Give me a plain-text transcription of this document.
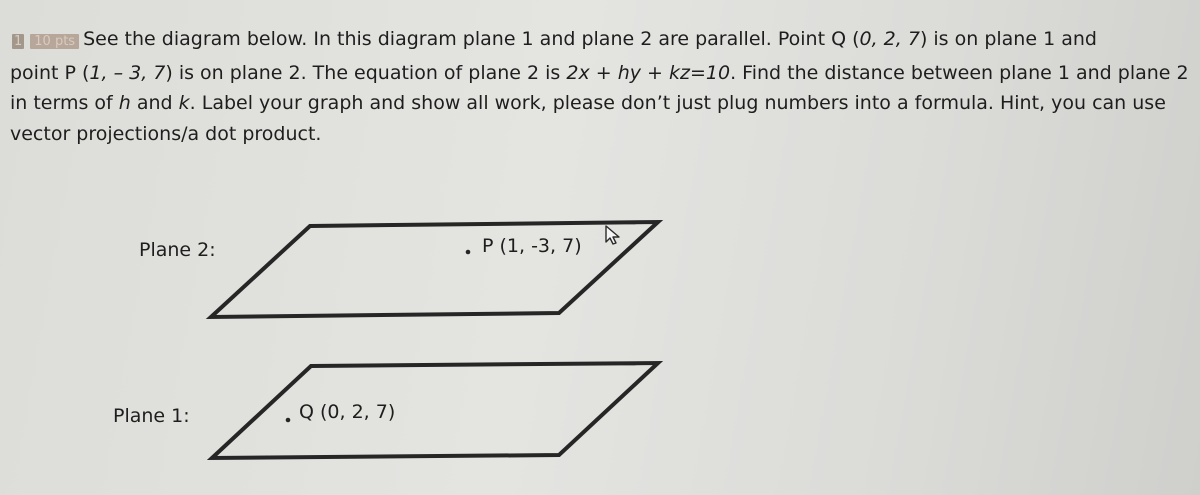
1 10 pts See the diagram below. In this diagram plane 1 and plane 2 are parallel. Point Q (0, 2, 7) is on plane 1 and
point P (1, – 3, 7) is on plane 2. The equation of plane 2 is 2x + hy + kz=10. Find the distance between plane 1 and plane 2
in terms of h and k. Label your graph and show all work, please don’t just plug numbers into a formula. Hint, you can use
vector projections/a dot product.
Plane 2:
Plane 1:
P (1, -3, 7)
Q (0, 2, 7)
